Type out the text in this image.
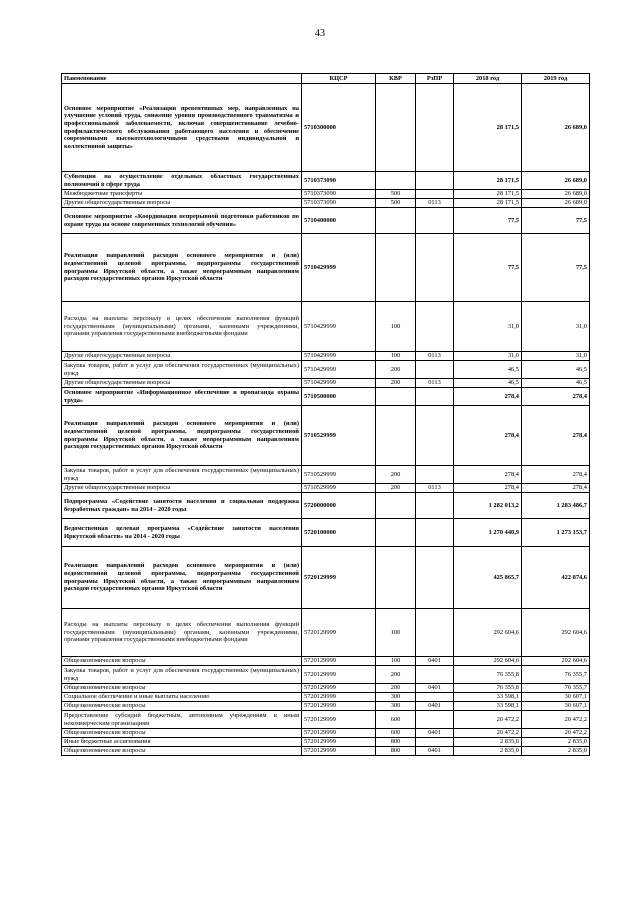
43
Наименование	КЦСР	КВР	РзПР	2018 год	2019 год
Основное мероприятие «Реализация превентивных мер, направленных на улучшение условий труда, снижение уровня производственного травматизма и профессиональной заболеваемости, включая совершенствование лечебно-профилактического обслуживания работающего населения и обеспечение современными высокотехнологичными средствами индивидуальной и коллективной защиты»	5710300000			28 171,5	26 689,0
Субвенции на осуществление отдельных областных государственных полномочий в сфере труда	5710373090			28 171,5	26 689,0
Межбюджетные трансферты	5710373090	500		28 171,5	26 689,0
Другие общегосударственные вопросы	5710373090	500	0113	28 171,5	26 689,0
Основное мероприятие «Координация непрерывной подготовки работников по охране труда на основе современных технологий обучения»	5710400000			77,5	77,5
Реализация направлений расходов основного мероприятия и (или) ведомственной целевой программы, подпрограммы государственной программы Иркутской области, а также непрограммным направлениям расходов государственных органов Иркутской области	5710429999			77,5	77,5
Расходы на выплаты персоналу в целях обеспечения выполнения функций государственными (муниципальными) органами, казенными учреждениями, органами управления государственными внебюджетными фондами	5710429999	100		31,0	31,0
Другие общегосударственные вопросы	5710429999	100	0113	31,0	31,0
Закупка товаров, работ и услуг для обеспечения государственных (муниципальных) нужд	5710429999	200		46,5	46,5
Другие общегосударственные вопросы	5710429999	200	0113	46,5	46,5
Основное мероприятие «Информационное обеспечение и пропаганда охраны труда»	5710500000			278,4	278,4
Реализация направлений расходов основного мероприятия и (или) ведомственной целевой программы, подпрограммы государственной программы Иркутской области, а также непрограммным направлениям расходов государственных органов Иркутской области	5710529999			278,4	278,4
Закупка товаров, работ и услуг для обеспечения государственных (муниципальных) нужд	5710529999	200		278,4	278,4
Другие общегосударственные вопросы	5710529999	200	0113	278,4	278,4
Подпрограмма «Содействие занятости населения и социальная поддержка безработных граждан» на 2014 - 2020 годы	5720000000			1 282 013,2	1 283 486,7
Ведомственная целевая программа «Содействие занятости населения Иркутской области» на 2014 - 2020 годы	5720100000			1 270 440,9	1 273 153,7
Реализация направлений расходов основного мероприятия и (или) ведомственной целевой программы, подпрограммы государственной программы Иркутской области, а также непрограммным направлениям расходов государственных органов Иркутской области	5720129999			425 865,7	422 874,6
Расходы на выплаты персоналу в целях обеспечения выполнения функций государственными (муниципальными) органами, казенными учреждениями, органами управления государственными внебюджетными фондами	5720129999	100		292 604,6	292 604,6
Общеэкономические вопросы	5720129999	100	0401	292 604,6	292 604,6
Закупка товаров, работ и услуг для обеспечения государственных (муниципальных) нужд	5720129999	200		76 355,8	76 355,7
Общеэкономические вопросы	5720129999	200	0401	76 355,8	76 355,7
Социальное обеспечение и иные выплаты населению	5720129999	300		33 598,1	30 607,1
Общеэкономические вопросы	5720129999	300	0401	33 598,1	30 607,1
Предоставление субсидий бюджетным, автономным учреждениям и иным некоммерческим организациям	5720129999	600		20 472,2	20 472,2
Общеэкономические вопросы	5720129999	600	0401	20 472,2	20 472,2
Иные бюджетные ассигнования	5720129999	800		2 835,0	2 835,0
Общеэкономические вопросы	5720129999	800	0401	2 835,0	2 835,0
